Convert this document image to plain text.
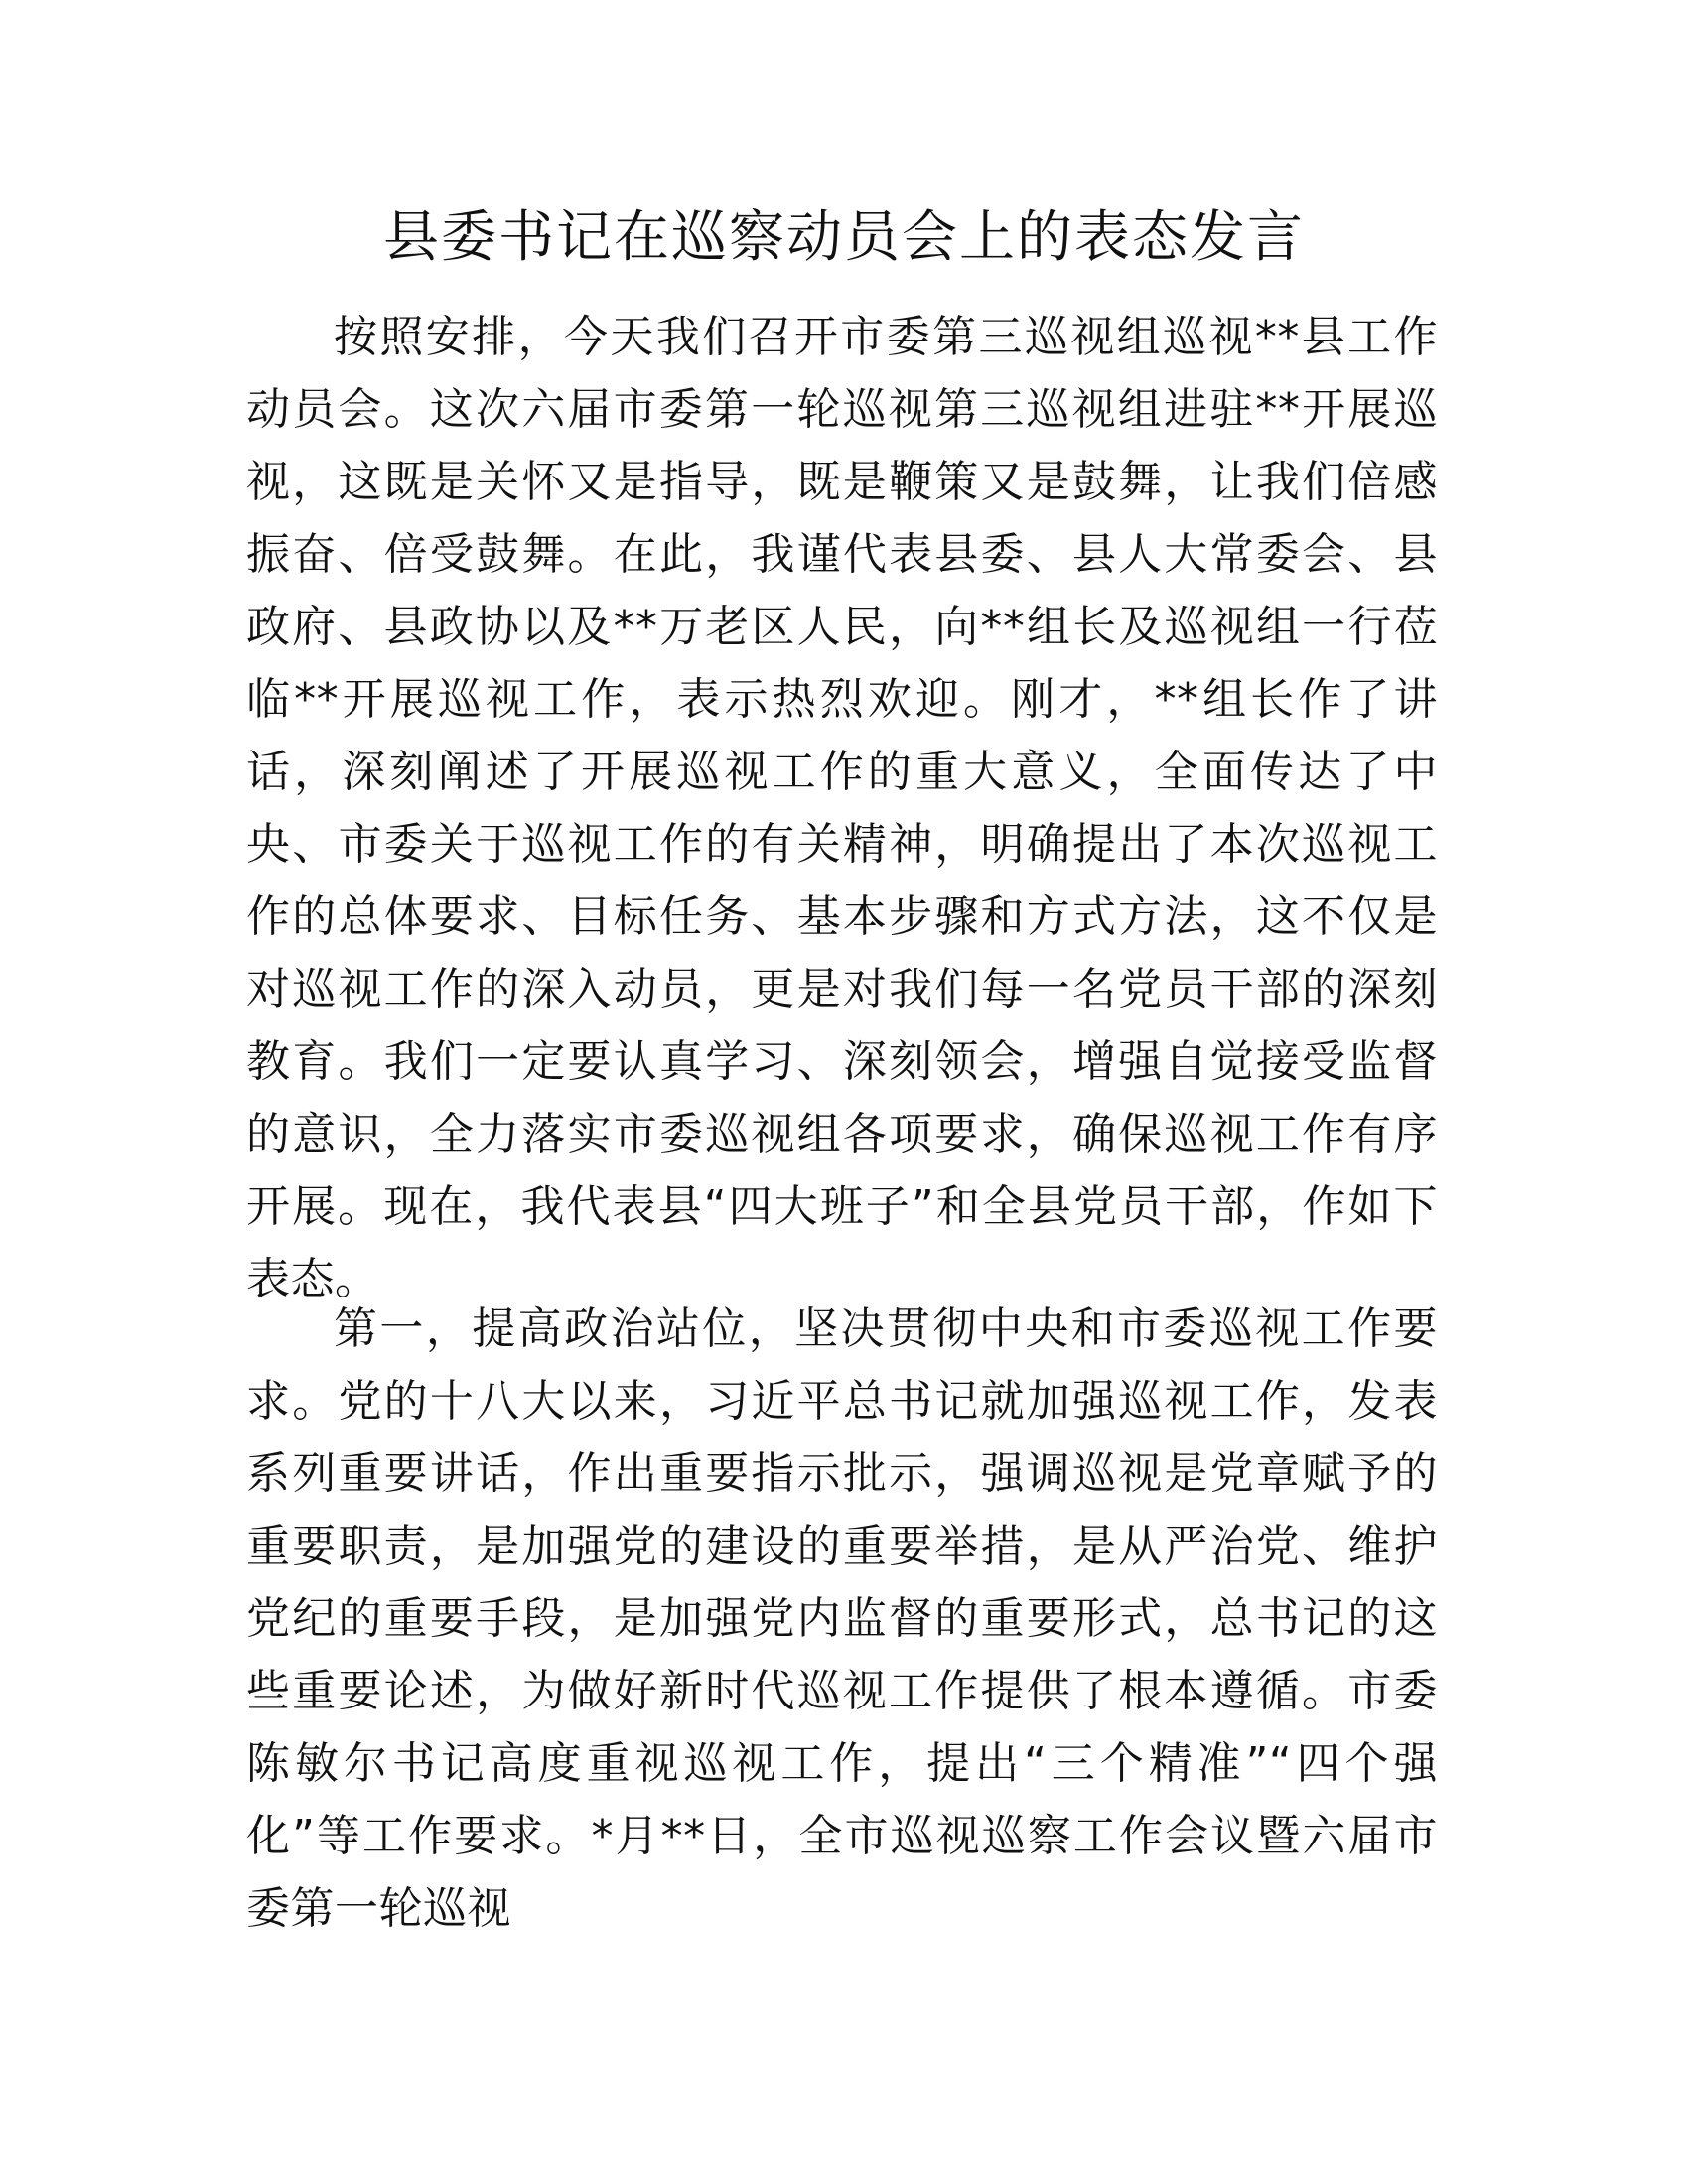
县委书记在巡察动员会上的表态发言

按照安排，今天我们召开市委第三巡视组巡视**县工作动员会。这次六届市委第一轮巡视第三巡视组进驻**开展巡视，这既是关怀又是指导，既是鞭策又是鼓舞，让我们倍感振奋、倍受鼓舞。在此，我谨代表县委、县人大常委会、县政府、县政协以及**万老区人民，向**组长及巡视组一行莅临**开展巡视工作，表示热烈欢迎。刚才，**组长作了讲话，深刻阐述了开展巡视工作的重大意义，全面传达了中央、市委关于巡视工作的有关精神，明确提出了本次巡视工作的总体要求、目标任务、基本步骤和方式方法，这不仅是对巡视工作的深入动员，更是对我们每一名党员干部的深刻教育。我们一定要认真学习、深刻领会，增强自觉接受监督的意识，全力落实市委巡视组各项要求，确保巡视工作有序开展。现在，我代表县“四大班子”和全县党员干部，作如下表态。

第一，提高政治站位，坚决贯彻中央和市委巡视工作要求。党的十八大以来，习近平总书记就加强巡视工作，发表系列重要讲话，作出重要指示批示，强调巡视是党章赋予的重要职责，是加强党的建设的重要举措，是从严治党、维护党纪的重要手段，是加强党内监督的重要形式，总书记的这些重要论述，为做好新时代巡视工作提供了根本遵循。市委陈敏尔书记高度重视巡视工作，提出“三个精准”“四个强化”等工作要求。*月**日，全市巡视巡察工作会议暨六届市委第一轮巡视
